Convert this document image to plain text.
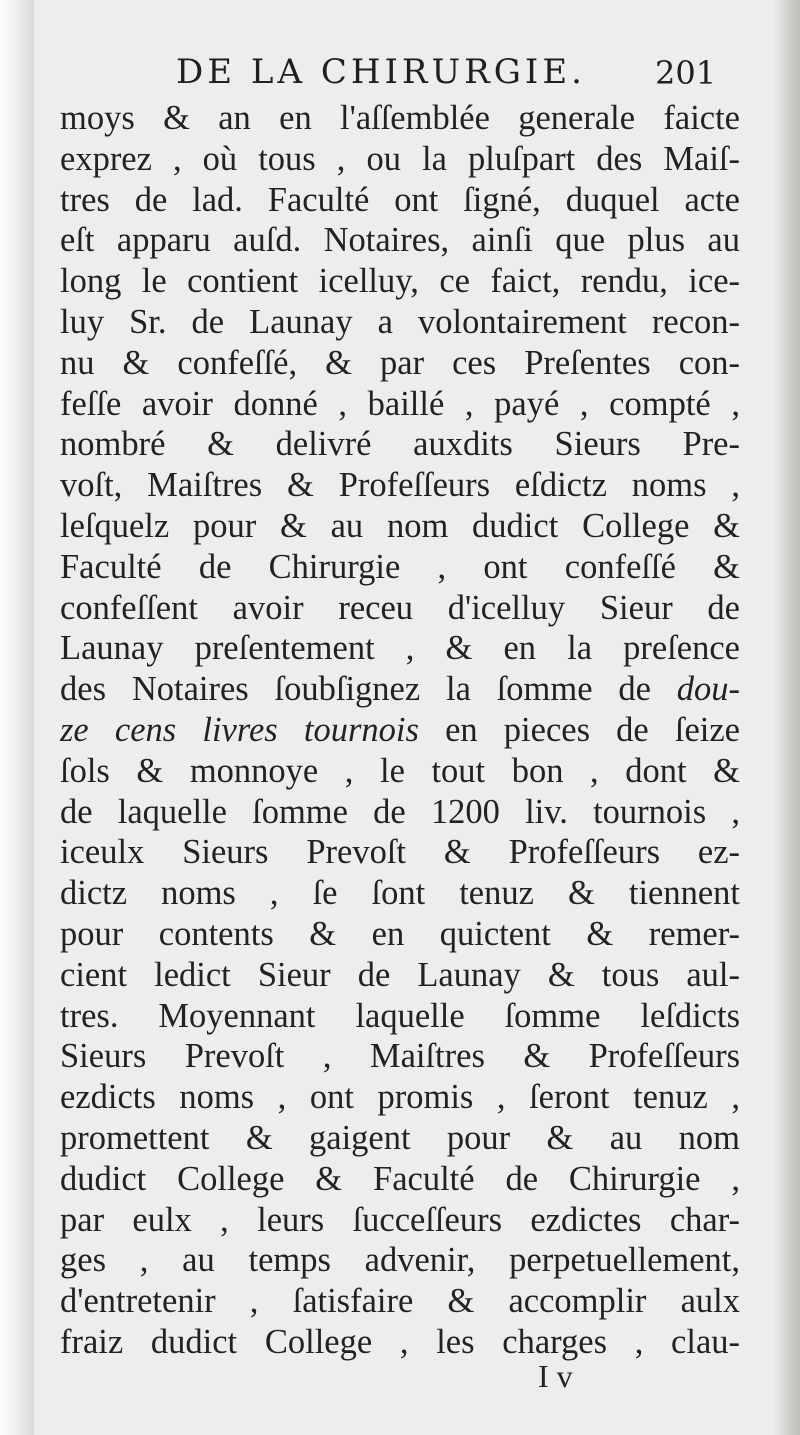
DE LA CHIRURGIE. 201
moys & an en l'aſſemblée generale faicte
exprez , où tous , ou la pluſpart des Maiſ-
tres de lad. Faculté ont ſigné, duquel acte
eſt apparu auſd. Notaires, ainſi que plus au
long le contient icelluy, ce faict, rendu, ice-
luy Sr. de Launay a volontairement recon-
nu & confeſſé, & par ces Preſentes con-
feſſe avoir donné , baillé , payé , compté ,
nombré & delivré auxdits Sieurs Pre-
voſt, Maiſtres & Profeſſeurs eſdictz noms ,
leſquelz pour & au nom dudict College &
Faculté de Chirurgie , ont confeſſé &
confeſſent avoir receu d'icelluy Sieur de
Launay preſentement , & en la preſence
des Notaires ſoubſignez la ſomme de dou-
ze cens livres tournois en pieces de ſeize
ſols & monnoye , le tout bon , dont &
de laquelle ſomme de 1200 liv. tournois ,
iceulx Sieurs Prevoſt & Profeſſeurs ez-
dictz noms , ſe ſont tenuz & tiennent
pour contents & en quictent & remer-
cient ledict Sieur de Launay & tous aul-
tres. Moyennant laquelle ſomme leſdicts
Sieurs Prevoſt , Maiſtres & Profeſſeurs
ezdicts noms , ont promis , ſeront tenuz ,
promettent & gaigent pour & au nom
dudict College & Faculté de Chirurgie ,
par eulx , leurs ſucceſſeurs ezdictes char-
ges , au temps advenir, perpetuellement,
d'entretenir , ſatisfaire & accomplir aulx
fraiz dudict College , les charges , clau-
I v
